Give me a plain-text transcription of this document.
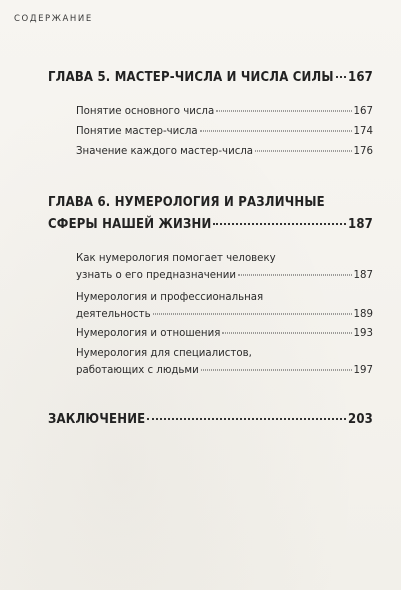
СОДЕРЖАНИЕ
ГЛАВА 5. МАСТЕР-ЧИСЛА И ЧИСЛА СИЛЫ 167
Понятие основного числа	167
Понятие мастер-числа	174
Значение каждого мастер-числа	176
ГЛАВА 6. НУМЕРОЛОГИЯ И РАЗЛИЧНЫЕ
СФЕРЫ НАШЕЙ ЖИЗНИ	187
Как нумерология помогает человеку
узнать о его предназначении	187
Нумерология и профессиональная
деятельность	189
Нумерология и отношения	193
Нумерология для специалистов,
работающих с людьми	197
ЗАКЛЮЧЕНИЕ	203
